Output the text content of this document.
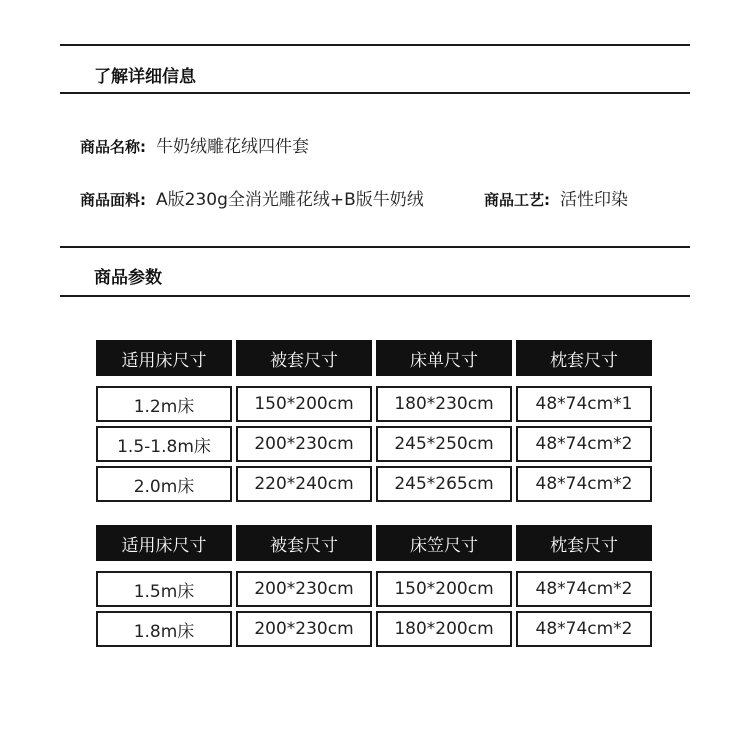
了解详细信息
商品名称: 牛奶绒雕花绒四件套
商品面料: A版230g全消光雕花绒+B版牛奶绒	商品工艺: 活性印染
商品参数
适用床尺寸	被套尺寸	床单尺寸	枕套尺寸
1.2m床	150*200cm	180*230cm	48*74cm*1
1.5-1.8m床	200*230cm	245*250cm	48*74cm*2
2.0m床	220*240cm	245*265cm	48*74cm*2
适用床尺寸	被套尺寸	床笠尺寸	枕套尺寸
1.5m床	200*230cm	150*200cm	48*74cm*2
1.8m床	200*230cm	180*200cm	48*74cm*2
